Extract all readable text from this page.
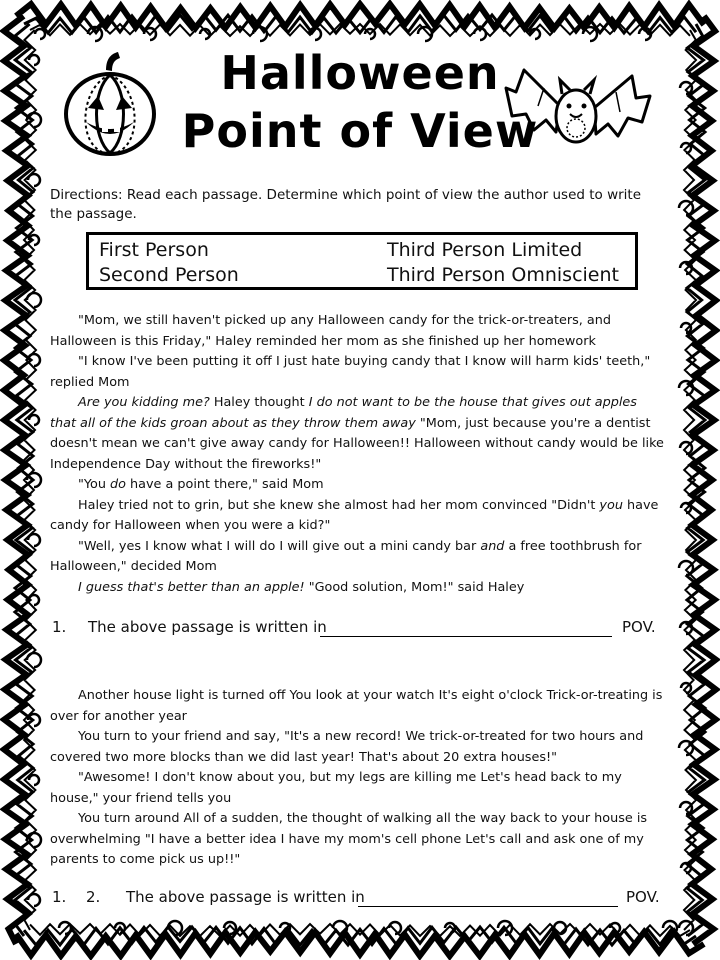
Halloween
Point of View
Directions: Read each passage. Determine which point of view the author used to write the passage.
First Person
Second Person
Third Person Limited
Third Person Omniscient

"Mom, we still haven't picked up any Halloween candy for the trick-or-treaters, and Halloween is this Friday," Haley reminded her mom as she finished up her homework

"I know I've been putting it off I just hate buying candy that I know will harm kids' teeth," replied Mom

Are you kidding me? Haley thought I do not want to be the house that gives out apples that all of the kids groan about as they throw them away "Mom, just because you're a dentist doesn't mean we can't give away candy for Halloween!! Halloween without candy would be like Independence Day without the fireworks!"

"You do have a point there," said Mom

Haley tried not to grin, but she knew she almost had her mom convinced "Didn't you have candy for Halloween when you were a kid?"

"Well, yes I know what I will do I will give out a mini candy bar and a free toothbrush for Halloween," decided Mom

I guess that's better than an apple! "Good solution, Mom!" said Haley

1. The above passage is written in	POV.

Another house light is turned off You look at your watch It's eight o'clock Trick-or-treating is over for another year

You turn to your friend and say, "It's a new record! We trick-or-treated for two hours and covered two more blocks than we did last year! That's about 20 extra houses!"

"Awesome! I don't know about you, but my legs are killing me Let's head back to my house," your friend tells you

You turn around All of a sudden, the thought of walking all the way back to your house is overwhelming "I have a better idea I have my mom's cell phone Let's call and ask one of my parents to come pick us up!!"

1. 2. The above passage is written in	POV.
